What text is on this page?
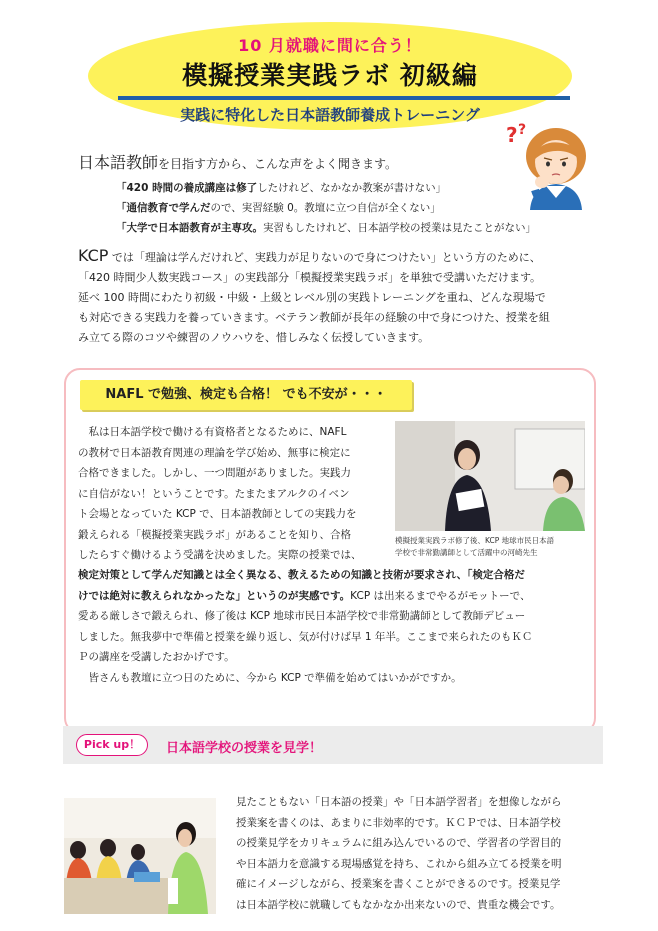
10 月就職に間に合う！
模擬授業実践ラボ 初級編
実践に特化した日本語教師養成トレーニング
? ?
日本語教師を目指す方から、こんな声をよく聞きます。
「420 時間の養成講座は修了したけれど、なかなか教案が書けない」
「通信教育で学んだので、実習経験 0。教壇に立つ自信が全くない」
「大学で日本語教育が主専攻。実習もしたけれど、日本語学校の授業は見たことがない」
KCP では「理論は学んだけれど、実践力が足りないので身につけたい」という方のために、
「420 時間少人数実践コース」の実践部分「模擬授業実践ラボ」を単独で受講いただけます。
延べ 100 時間にわたり初級・中級・上級とレベル別の実践トレーニングを重ね、どんな現場で
も対応できる実践力を養っていきます。ベテラン教師が長年の経験の中で身につけた、授業を組
み立てる際のコツや練習のノウハウを、惜しみなく伝授していきます。
NAFL で勉強、検定も合格！ でも不安が・・・
　私は日本語学校で働ける有資格者となるために、NAFL
の教材で日本語教育関連の理論を学び始め、無事に検定に
合格できました。しかし、一つ問題がありました。実践力
に自信がない！ということです。たまたまアルクのイベン
ト会場となっていた KCP で、日本語教師としての実践力を
鍛えられる「模擬授業実践ラボ」があることを知り、合格
したらすぐ働けるよう受講を決めました。実際の授業では、
模擬授業実践ラボ修了後、KCP 地球市民日本語
学校で非常勤講師として活躍中の河崎先生
検定対策として学んだ知識とは全く異なる、教えるための知識と技術が要求され、「検定合格だ
けでは絶対に教えられなかったな」というのが実感です。KCP は出来るまでやるがモットーで、
愛ある厳しさで鍛えられ、修了後は KCP 地球市民日本語学校で非常勤講師として教師デビュー
しました。無我夢中で準備と授業を繰り返し、気が付けば早 1 年半。ここまで来られたのもＫＣ
Ｐの講座を受講したおかげです。
　皆さんも教壇に立つ日のために、今から KCP で準備を始めてはいかがですか。
Pick up！	日本語学校の授業を見学！
見たこともない「日本語の授業」や「日本語学習者」を想像しながら
授業案を書くのは、あまりに非効率的です。ＫＣＰでは、日本語学校
の授業見学をカリキュラムに組み込んでいるので、学習者の学習目的
や日本語力を意識する現場感覚を持ち、これから組み立てる授業を明
確にイメージしながら、授業案を書くことができるのです。授業見学
は日本語学校に就職してもなかなか出来ないので、貴重な機会です。
